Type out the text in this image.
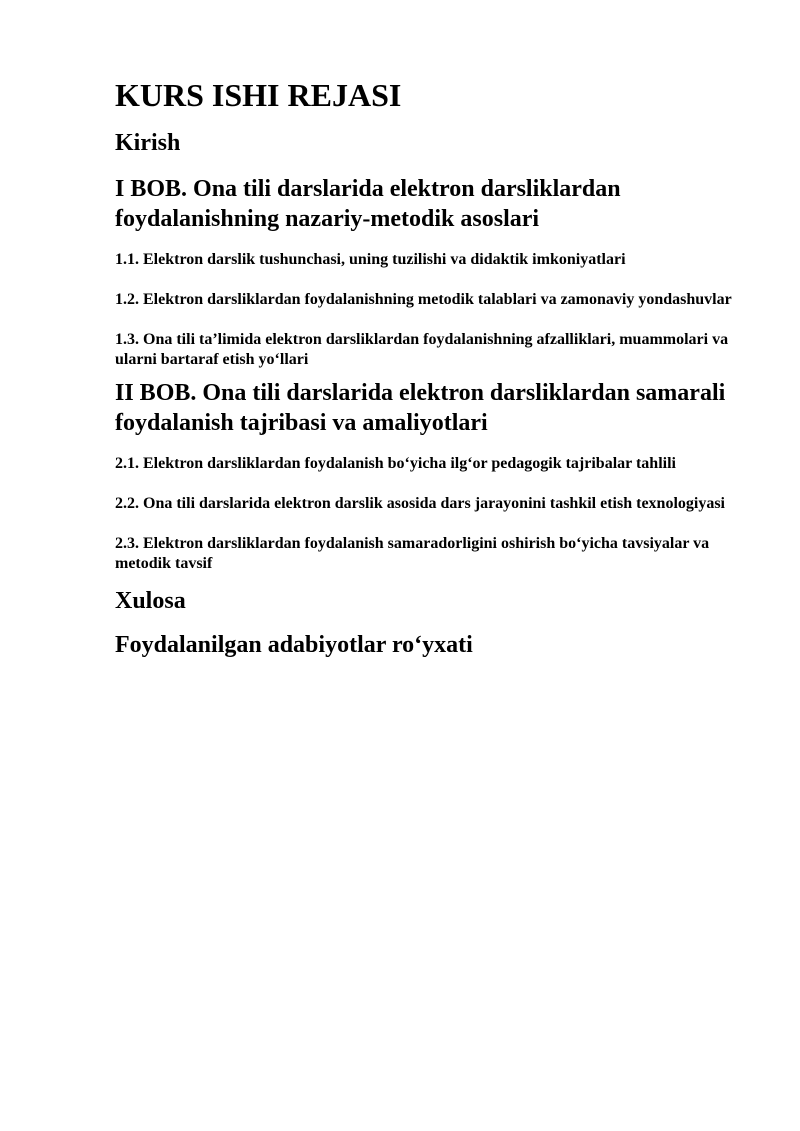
KURS ISHI REJASI
Kirish
I BOB. Ona tili darslarida elektron darsliklardan foydalanishning nazariy-metodik asoslari
1.1. Elektron darslik tushunchasi, uning tuzilishi va didaktik imkoniyatlari
1.2. Elektron darsliklardan foydalanishning metodik talablari va zamonaviy yondashuvlar
1.3. Ona tili ta’limida elektron darsliklardan foydalanishning afzalliklari, muammolari va ularni bartaraf etish yo‘llari
II BOB. Ona tili darslarida elektron darsliklardan samarali foydalanish tajribasi va amaliyotlari
2.1. Elektron darsliklardan foydalanish bo‘yicha ilg‘or pedagogik tajribalar tahlili
2.2. Ona tili darslarida elektron darslik asosida dars jarayonini tashkil etish texnologiyasi
2.3. Elektron darsliklardan foydalanish samaradorligini oshirish bo‘yicha tavsiyalar va metodik tavsif
Xulosa
Foydalanilgan adabiyotlar ro‘yxati
